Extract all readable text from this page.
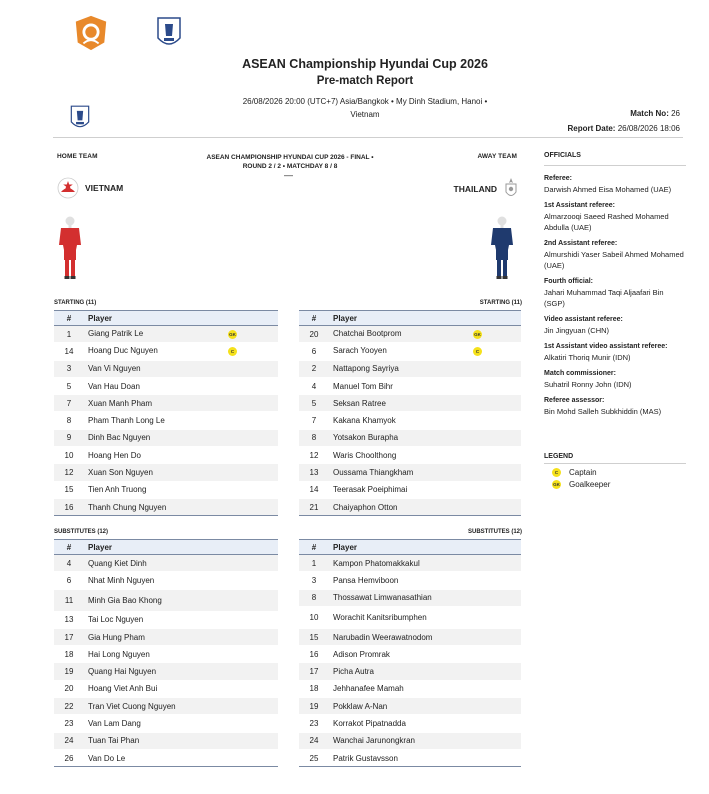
ASEAN Championship Hyundai Cup 2026
Pre-match Report
26/08/2026 20:00 (UTC+7) Asia/Bangkok • My Dinh Stadium, Hanoi •
Vietnam	Match No: 26
Report Date: 26/08/2026 18:06
HOME TEAM	AWAY TEAM
ASEAN CHAMPIONSHIP HYUNDAI CUP 2026 - FINAL •
ROUND 2 / 2 • MATCHDAY 8 / 8
—
VIETNAM	THAILAND
STARTING (11)	STARTING (11)
SUBSTITUTES (12)	SUBSTITUTES (12)
#	Player
1	Giang Patrik Le GK
14	Hoang Duc Nguyen C
3	Van Vi Nguyen
5	Van Hau Doan
7	Xuan Manh Pham
8	Pham Thanh Long Le
9	Dinh Bac Nguyen
10	Hoang Hen Do
12	Xuan Son Nguyen
15	Tien Anh Truong
16	Thanh Chung Nguyen
#	Player
20	Chatchai Bootprom GK
6	Sarach Yooyen C
2	Nattapong Sayriya
4	Manuel Tom Bihr
5	Seksan Ratree
7	Kakana Khamyok
8	Yotsakon Burapha
12	Waris Choolthong
13	Oussama Thiangkham
14	Teerasak Poeiphimai
21	Chaiyaphon Otton
#	Player
4	Quang Kiet Dinh
6	Nhat Minh Nguyen
11	Minh Gia Bao Khong
13	Tai Loc Nguyen
17	Gia Hung Pham
18	Hai Long Nguyen
19	Quang Hai Nguyen
20	Hoang Viet Anh Bui
22	Tran Viet Cuong Nguyen
23	Van Lam Dang
24	Tuan Tai Phan
26	Van Do Le
#	Player
1	Kampon Phatomakkakul
3	Pansa Hemviboon
8	Thossawat Limwanasathian
10	Worachit Kanitsribumphen
15	Narubadin Weerawatnodom
16	Adison Promrak
17	Picha Autra
18	Jehhanafee Mamah
19	Pokklaw A-Nan
23	Korrakot Pipatnadda
24	Wanchai Jarunongkran
25	Patrik Gustavsson
OFFICIALS
Referee:
Darwish Ahmed Eisa Mohamed (UAE)
1st Assistant referee:
Almarzooqi Saeed Rashed Mohamed Abdulla (UAE)
2nd Assistant referee:
Almurshidi Yaser Sabeil Ahmed Mohamed (UAE)
Fourth official:
Jahari Muhammad Taqi Aljaafari Bin (SGP)
Video assistant referee:
Jin Jingyuan (CHN)
1st Assistant video assistant referee:
Alkatiri Thoriq Munir (IDN)
Match commissioner:
Suhatril Ronny John (IDN)
Referee assessor:
Bin Mohd Salleh Subkhiddin (MAS)
LEGEND
C	Captain
GK Goalkeeper
